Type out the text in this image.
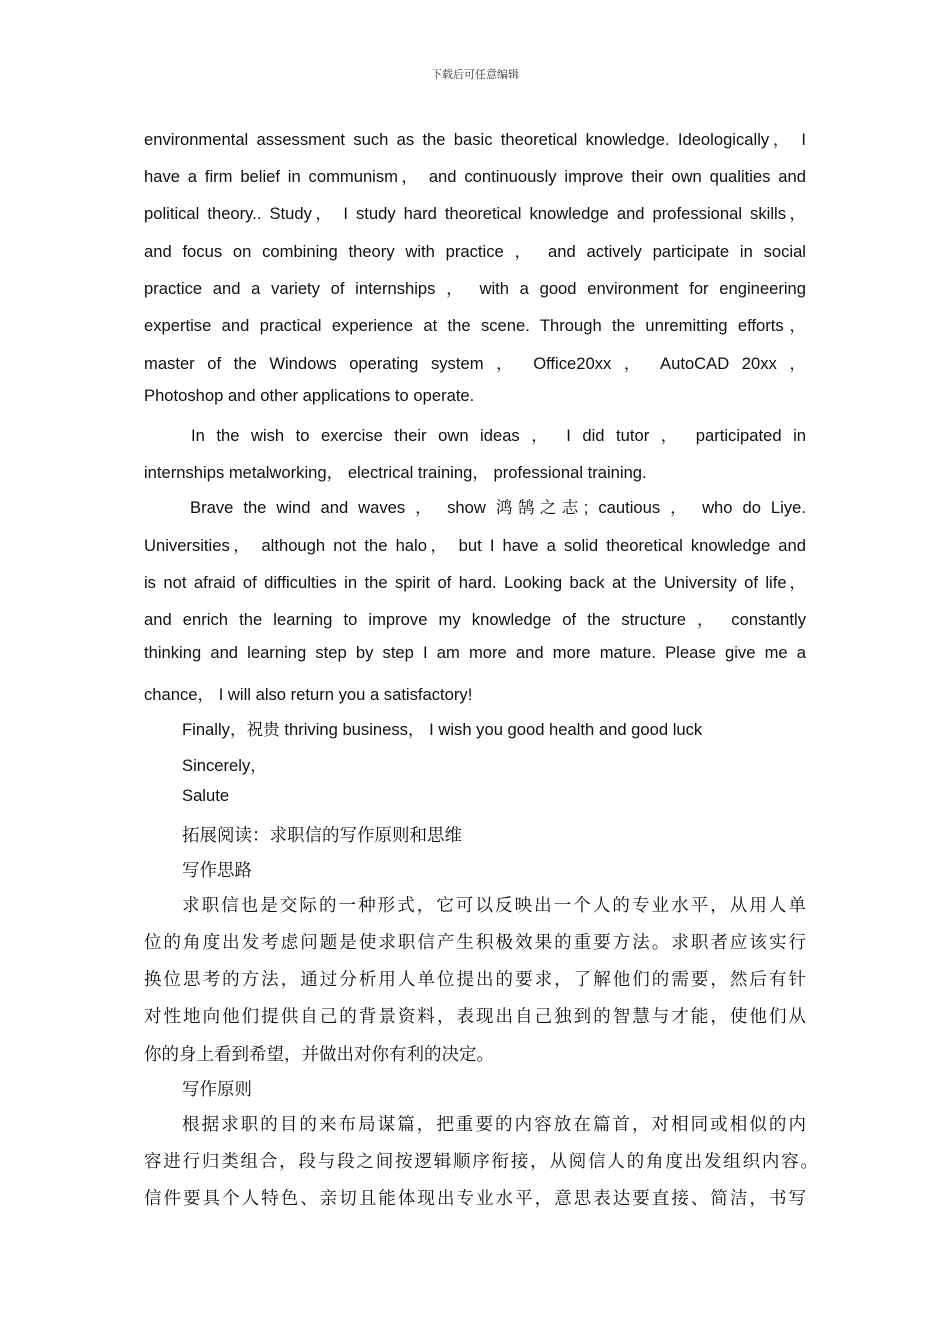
下载后可任意编辑
environmental assessment such as the basic theoretical knowledge. Ideologically， I
have a firm belief in communism， and continuously improve their own qualities and
political theory.. Study， I study hard theoretical knowledge and professional skills，
and focus on combining theory with practice ， and actively participate in social
practice and a variety of internships ， with a good environment for engineering
expertise and practical experience at the scene. Through the unremitting efforts，
master of the Windows operating system ， Office20xx ， AutoCAD 20xx ，
Photoshop and other applications to operate.
In the wish to exercise their own ideas ， I did tutor ， participated in
internships metalworking， electrical training， professional training.
Brave the wind and waves ， show 鸿鹄之志; cautious ， who do Liye.
Universities， although not the halo， but I have a solid theoretical knowledge and
is not afraid of difficulties in the spirit of hard. Looking back at the University of life，
and enrich the learning to improve my knowledge of the structure ， constantly
thinking and learning step by step I am more and more mature. Please give me a
chance， I will also return you a satisfactory!
Finally，祝贵 thriving business， I wish you good health and good luck
Sincerely，
Salute
拓展阅读：求职信的写作原则和思维
写作思路
求职信也是交际的一种形式，它可以反映出一个人的专业水平，从用人单
位的角度出发考虑问题是使求职信产生积极效果的重要方法。求职者应该实行
换位思考的方法，通过分析用人单位提出的要求，了解他们的需要，然后有针
对性地向他们提供自己的背景资料，表现出自己独到的智慧与才能，使他们从
你的身上看到希望，并做出对你有利的决定。
写作原则
根据求职的目的来布局谋篇，把重要的内容放在篇首，对相同或相似的内
容进行归类组合，段与段之间按逻辑顺序衔接，从阅信人的角度出发组织内容。
信件要具个人特色、亲切且能体现出专业水平，意思表达要直接、简洁，书写
